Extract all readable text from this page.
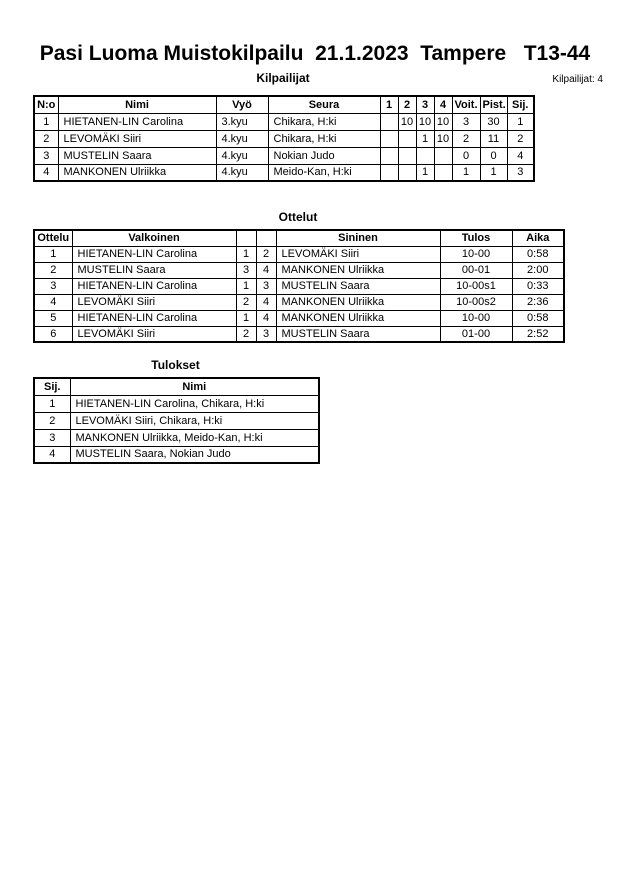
Pasi Luoma Muistokilpailu  21.1.2023  Tampere   T13-44
Kilpailijat	Kilpailijat: 4
N:o	Nimi	Vyö	Seura	1	2	3	4	Voit.	Pist.	Sij.
1	HIETANEN-LIN Carolina	3.kyu	Chikara, H:ki		10	10	10	3	30	1
2	LEVOMÄKI Siiri	4.kyu	Chikara, H:ki			1	10	2	11	2
3	MUSTELIN Saara	4.kyu	Nokian Judo					0	0	4
4	MANKONEN Ulriikka	4.kyu	Meido-Kan, H:ki			1		1	1	3
Ottelut
Ottelu	Valkoinen			Sininen	Tulos	Aika
1	HIETANEN-LIN Carolina	1	2	LEVOMÄKI Siiri	10-00	0:58
2	MUSTELIN Saara	3	4	MANKONEN Ulriikka	00-01	2:00
3	HIETANEN-LIN Carolina	1	3	MUSTELIN Saara	10-00s1	0:33
4	LEVOMÄKI Siiri	2	4	MANKONEN Ulriikka	10-00s2	2:36
5	HIETANEN-LIN Carolina	1	4	MANKONEN Ulriikka	10-00	0:58
6	LEVOMÄKI Siiri	2	3	MUSTELIN Saara	01-00	2:52
Tulokset
Sij.	Nimi
1	HIETANEN-LIN Carolina, Chikara, H:ki
2	LEVOMÄKI Siiri, Chikara, H:ki
3	MANKONEN Ulriikka, Meido-Kan, H:ki
4	MUSTELIN Saara, Nokian Judo
